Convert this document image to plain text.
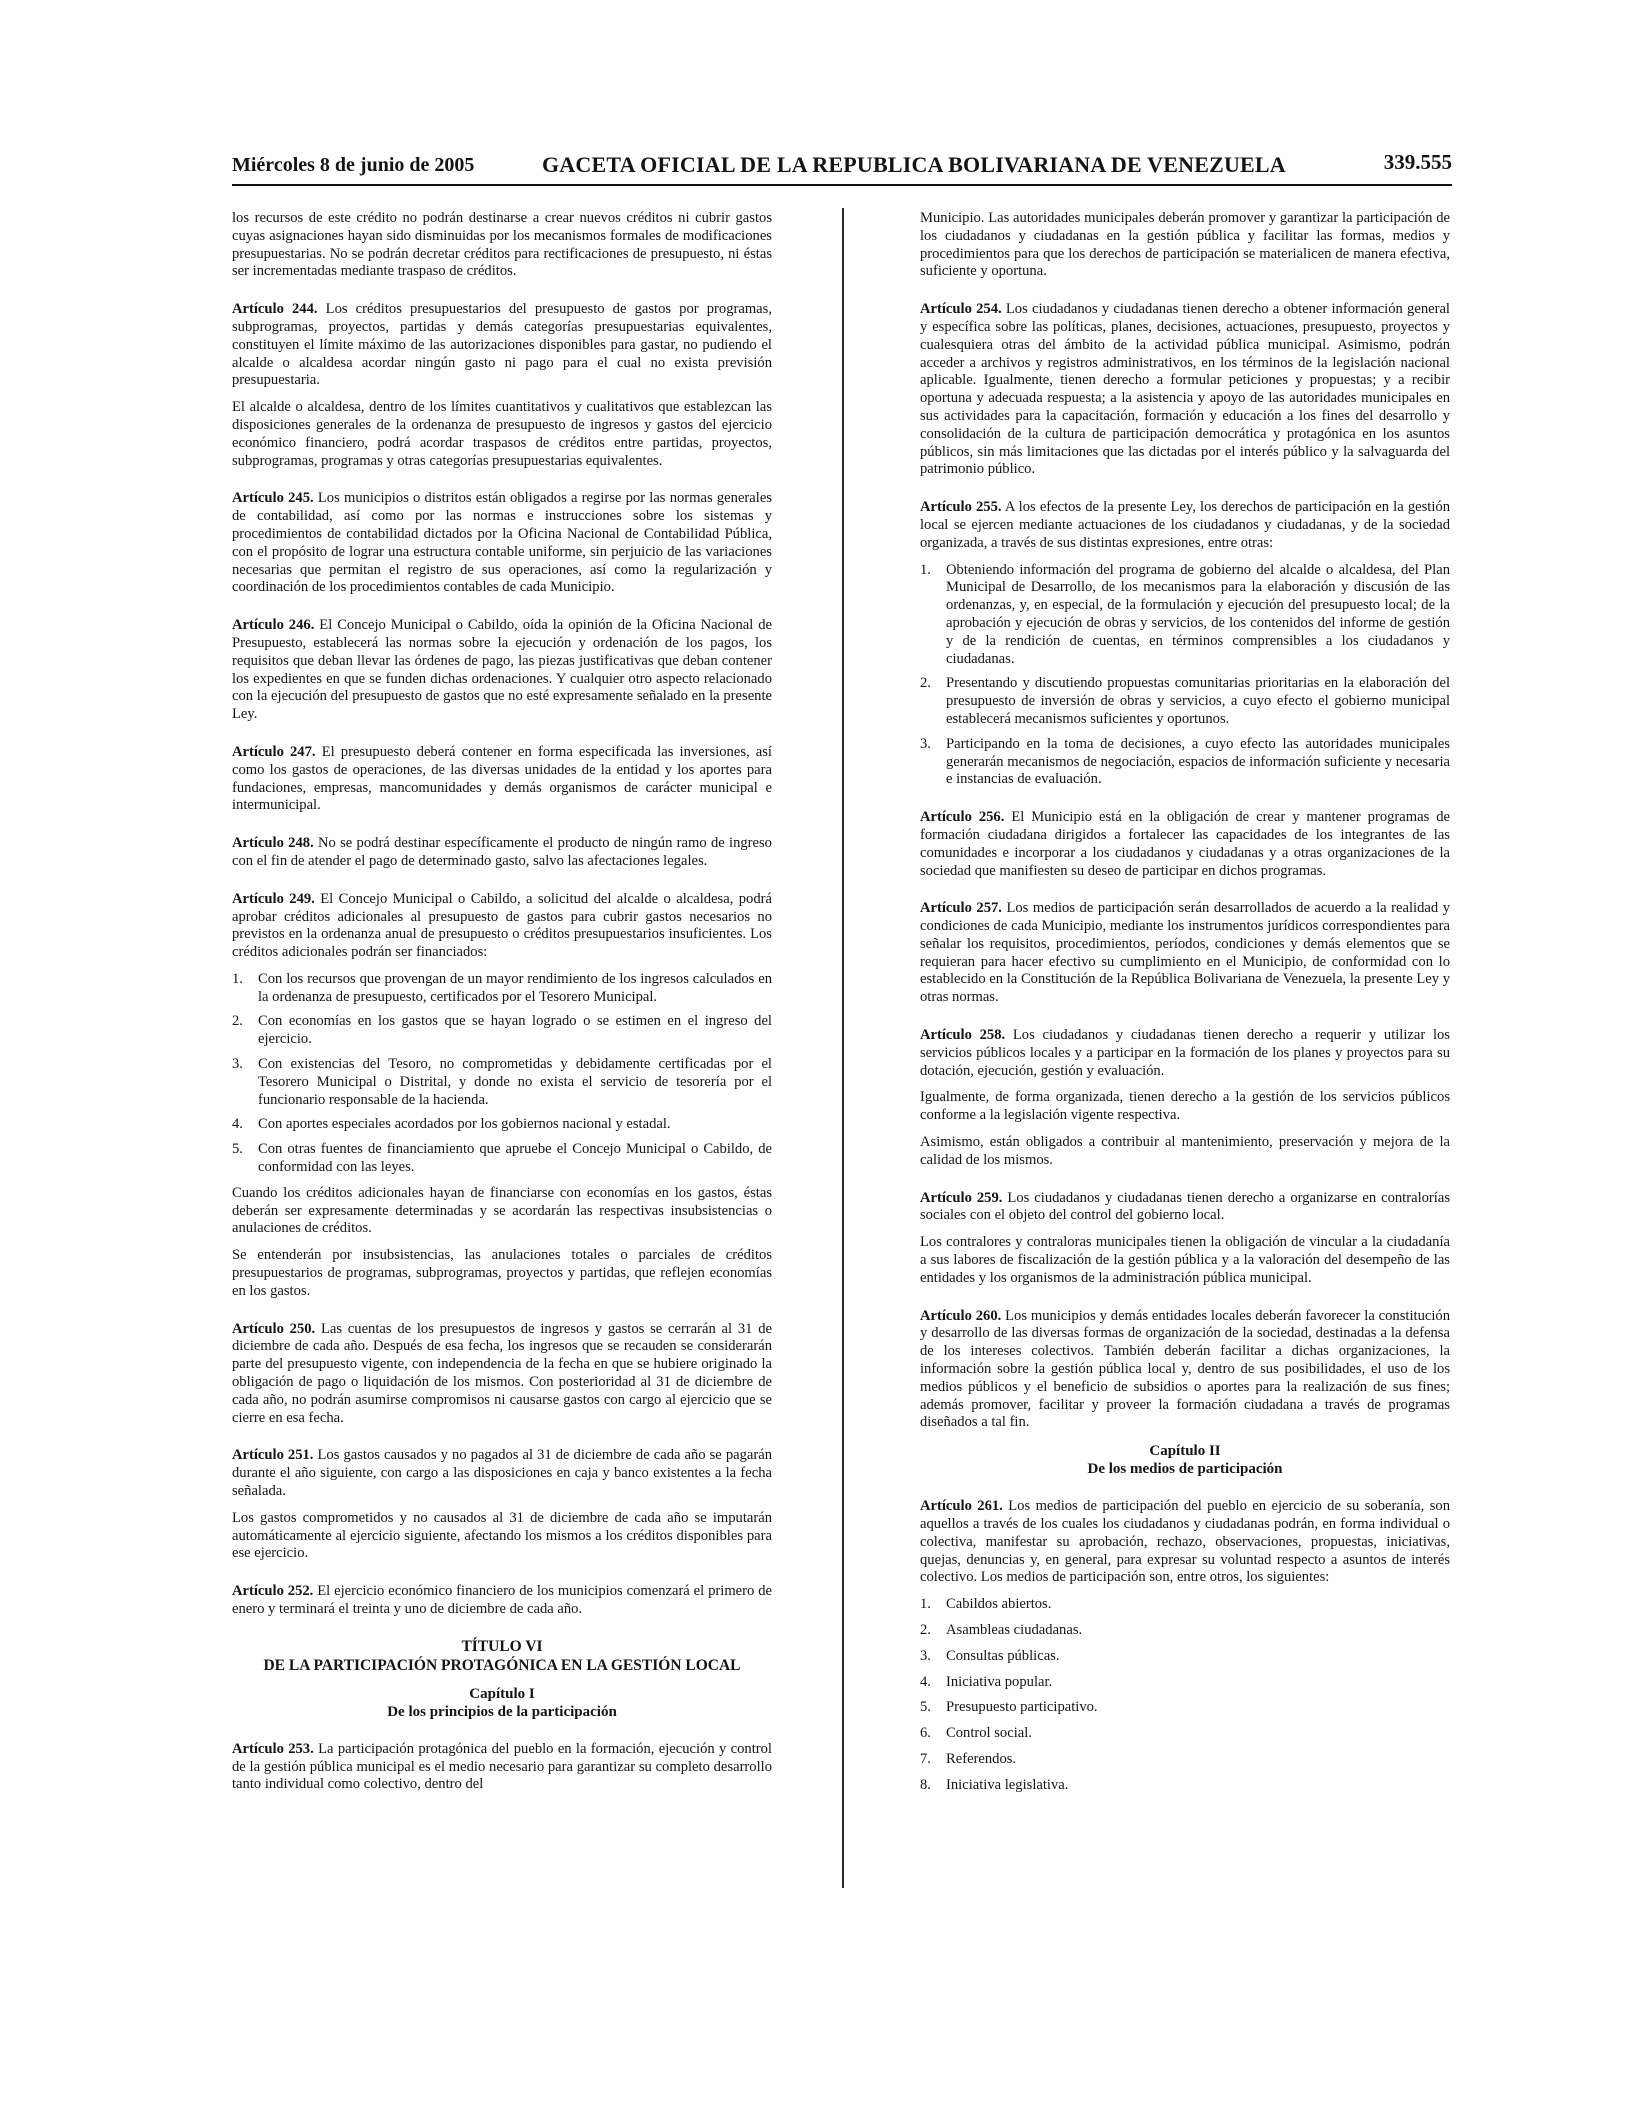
Miércoles 8 de junio de 2005	GACETA OFICIAL DE LA REPUBLICA BOLIVARIANA DE VENEZUELA	339.555

los recursos de este crédito no podrán destinarse a crear nuevos créditos ni cubrir gastos cuyas asignaciones hayan sido disminuidas por los mecanismos formales de modificaciones presupuestarias. No se podrán decretar créditos para rectificaciones de presupuesto, ni éstas ser incrementadas mediante traspaso de créditos.

Artículo 244. Los créditos presupuestarios del presupuesto de gastos por programas, subprogramas, proyectos, partidas y demás categorías presupuestarias equivalentes, constituyen el límite máximo de las autorizaciones disponibles para gastar, no pudiendo el alcalde o alcaldesa acordar ningún gasto ni pago para el cual no exista previsión presupuestaria.

El alcalde o alcaldesa, dentro de los límites cuantitativos y cualitativos que establezcan las disposiciones generales de la ordenanza de presupuesto de ingresos y gastos del ejercicio económico financiero, podrá acordar traspasos de créditos entre partidas, proyectos, subprogramas, programas y otras categorías presupuestarias equivalentes.

Artículo 245. Los municipios o distritos están obligados a regirse por las normas generales de contabilidad, así como por las normas e instrucciones sobre los sistemas y procedimientos de contabilidad dictados por la Oficina Nacional de Contabilidad Pública, con el propósito de lograr una estructura contable uniforme, sin perjuicio de las variaciones necesarias que permitan el registro de sus operaciones, así como la regularización y coordinación de los procedimientos contables de cada Municipio.

Artículo 246. El Concejo Municipal o Cabildo, oída la opinión de la Oficina Nacional de Presupuesto, establecerá las normas sobre la ejecución y ordenación de los pagos, los requisitos que deban llevar las órdenes de pago, las piezas justificativas que deban contener los expedientes en que se funden dichas ordenaciones. Y cualquier otro aspecto relacionado con la ejecución del presupuesto de gastos que no esté expresamente señalado en la presente Ley.

Artículo 247. El presupuesto deberá contener en forma especificada las inversiones, así como los gastos de operaciones, de las diversas unidades de la entidad y los aportes para fundaciones, empresas, mancomunidades y demás organismos de carácter municipal e intermunicipal.

Artículo 248. No se podrá destinar específicamente el producto de ningún ramo de ingreso con el fin de atender el pago de determinado gasto, salvo las afectaciones legales.

Artículo 249. El Concejo Municipal o Cabildo, a solicitud del alcalde o alcaldesa, podrá aprobar créditos adicionales al presupuesto de gastos para cubrir gastos necesarios no previstos en la ordenanza anual de presupuesto o créditos presupuestarios insuficientes. Los créditos adicionales podrán ser financiados:

1.	Con los recursos que provengan de un mayor rendimiento de los ingresos calculados en la ordenanza de presupuesto, certificados por el Tesorero Municipal.
2.	Con economías en los gastos que se hayan logrado o se estimen en el ingreso del ejercicio.
3.	Con existencias del Tesoro, no comprometidas y debidamente certificadas por el Tesorero Municipal o Distrital, y donde no exista el servicio de tesorería por el funcionario responsable de la hacienda.
4.	Con aportes especiales acordados por los gobiernos nacional y estadal.
5.	Con otras fuentes de financiamiento que apruebe el Concejo Municipal o Cabildo, de conformidad con las leyes.

Cuando los créditos adicionales hayan de financiarse con economías en los gastos, éstas deberán ser expresamente determinadas y se acordarán las respectivas insubsistencias o anulaciones de créditos.

Se entenderán por insubsistencias, las anulaciones totales o parciales de créditos presupuestarios de programas, subprogramas, proyectos y partidas, que reflejen economías en los gastos.

Artículo 250. Las cuentas de los presupuestos de ingresos y gastos se cerrarán al 31 de diciembre de cada año. Después de esa fecha, los ingresos que se recauden se considerarán parte del presupuesto vigente, con independencia de la fecha en que se hubiere originado la obligación de pago o liquidación de los mismos. Con posterioridad al 31 de diciembre de cada año, no podrán asumirse compromisos ni causarse gastos con cargo al ejercicio que se cierre en esa fecha.

Artículo 251. Los gastos causados y no pagados al 31 de diciembre de cada año se pagarán durante el año siguiente, con cargo a las disposiciones en caja y banco existentes a la fecha señalada.

Los gastos comprometidos y no causados al 31 de diciembre de cada año se imputarán automáticamente al ejercicio siguiente, afectando los mismos a los créditos disponibles para ese ejercicio.

Artículo 252. El ejercicio económico financiero de los municipios comenzará el primero de enero y terminará el treinta y uno de diciembre de cada año.

TÍTULO VI
DE LA PARTICIPACIÓN PROTAGÓNICA EN LA GESTIÓN LOCAL
Capítulo I
De los principios de la participación

Artículo 253. La participación protagónica del pueblo en la formación, ejecución y control de la gestión pública municipal es el medio necesario para garantizar su completo desarrollo tanto individual como colectivo, dentro del

Municipio. Las autoridades municipales deberán promover y garantizar la participación de los ciudadanos y ciudadanas en la gestión pública y facilitar las formas, medios y procedimientos para que los derechos de participación se materialicen de manera efectiva, suficiente y oportuna.

Artículo 254. Los ciudadanos y ciudadanas tienen derecho a obtener información general y específica sobre las políticas, planes, decisiones, actuaciones, presupuesto, proyectos y cualesquiera otras del ámbito de la actividad pública municipal. Asimismo, podrán acceder a archivos y registros administrativos, en los términos de la legislación nacional aplicable. Igualmente, tienen derecho a formular peticiones y propuestas; y a recibir oportuna y adecuada respuesta; a la asistencia y apoyo de las autoridades municipales en sus actividades para la capacitación, formación y educación a los fines del desarrollo y consolidación de la cultura de participación democrática y protagónica en los asuntos públicos, sin más limitaciones que las dictadas por el interés público y la salvaguarda del patrimonio público.

Artículo 255. A los efectos de la presente Ley, los derechos de participación en la gestión local se ejercen mediante actuaciones de los ciudadanos y ciudadanas, y de la sociedad organizada, a través de sus distintas expresiones, entre otras:

1.	Obteniendo información del programa de gobierno del alcalde o alcaldesa, del Plan Municipal de Desarrollo, de los mecanismos para la elaboración y discusión de las ordenanzas, y, en especial, de la formulación y ejecución del presupuesto local; de la aprobación y ejecución de obras y servicios, de los contenidos del informe de gestión y de la rendición de cuentas, en términos comprensibles a los ciudadanos y ciudadanas.
2.	Presentando y discutiendo propuestas comunitarias prioritarias en la elaboración del presupuesto de inversión de obras y servicios, a cuyo efecto el gobierno municipal establecerá mecanismos suficientes y oportunos.
3.	Participando en la toma de decisiones, a cuyo efecto las autoridades municipales generarán mecanismos de negociación, espacios de información suficiente y necesaria e instancias de evaluación.

Artículo 256. El Municipio está en la obligación de crear y mantener programas de formación ciudadana dirigidos a fortalecer las capacidades de los integrantes de las comunidades e incorporar a los ciudadanos y ciudadanas y a otras organizaciones de la sociedad que manifiesten su deseo de participar en dichos programas.

Artículo 257. Los medios de participación serán desarrollados de acuerdo a la realidad y condiciones de cada Municipio, mediante los instrumentos jurídicos correspondientes para señalar los requisitos, procedimientos, períodos, condiciones y demás elementos que se requieran para hacer efectivo su cumplimiento en el Municipio, de conformidad con lo establecido en la Constitución de la República Bolivariana de Venezuela, la presente Ley y otras normas.

Artículo 258. Los ciudadanos y ciudadanas tienen derecho a requerir y utilizar los servicios públicos locales y a participar en la formación de los planes y proyectos para su dotación, ejecución, gestión y evaluación.

Igualmente, de forma organizada, tienen derecho a la gestión de los servicios públicos conforme a la legislación vigente respectiva.

Asimismo, están obligados a contribuir al mantenimiento, preservación y mejora de la calidad de los mismos.

Artículo 259. Los ciudadanos y ciudadanas tienen derecho a organizarse en contralorías sociales con el objeto del control del gobierno local.

Los contralores y contraloras municipales tienen la obligación de vincular a la ciudadanía a sus labores de fiscalización de la gestión pública y a la valoración del desempeño de las entidades y los organismos de la administración pública municipal.

Artículo 260. Los municipios y demás entidades locales deberán favorecer la constitución y desarrollo de las diversas formas de organización de la sociedad, destinadas a la defensa de los intereses colectivos. También deberán facilitar a dichas organizaciones, la información sobre la gestión pública local y, dentro de sus posibilidades, el uso de los medios públicos y el beneficio de subsidios o aportes para la realización de sus fines; además promover, facilitar y proveer la formación ciudadana a través de programas diseñados a tal fin.

Capítulo II
De los medios de participación

Artículo 261. Los medios de participación del pueblo en ejercicio de su soberanía, son aquellos a través de los cuales los ciudadanos y ciudadanas podrán, en forma individual o colectiva, manifestar su aprobación, rechazo, observaciones, propuestas, iniciativas, quejas, denuncias y, en general, para expresar su voluntad respecto a asuntos de interés colectivo. Los medios de participación son, entre otros, los siguientes:

1.	Cabildos abiertos.
2.	Asambleas ciudadanas.
3.	Consultas públicas.
4.	Iniciativa popular.
5.	Presupuesto participativo.
6.	Control social.
7.	Referendos.
8.	Iniciativa legislativa.
